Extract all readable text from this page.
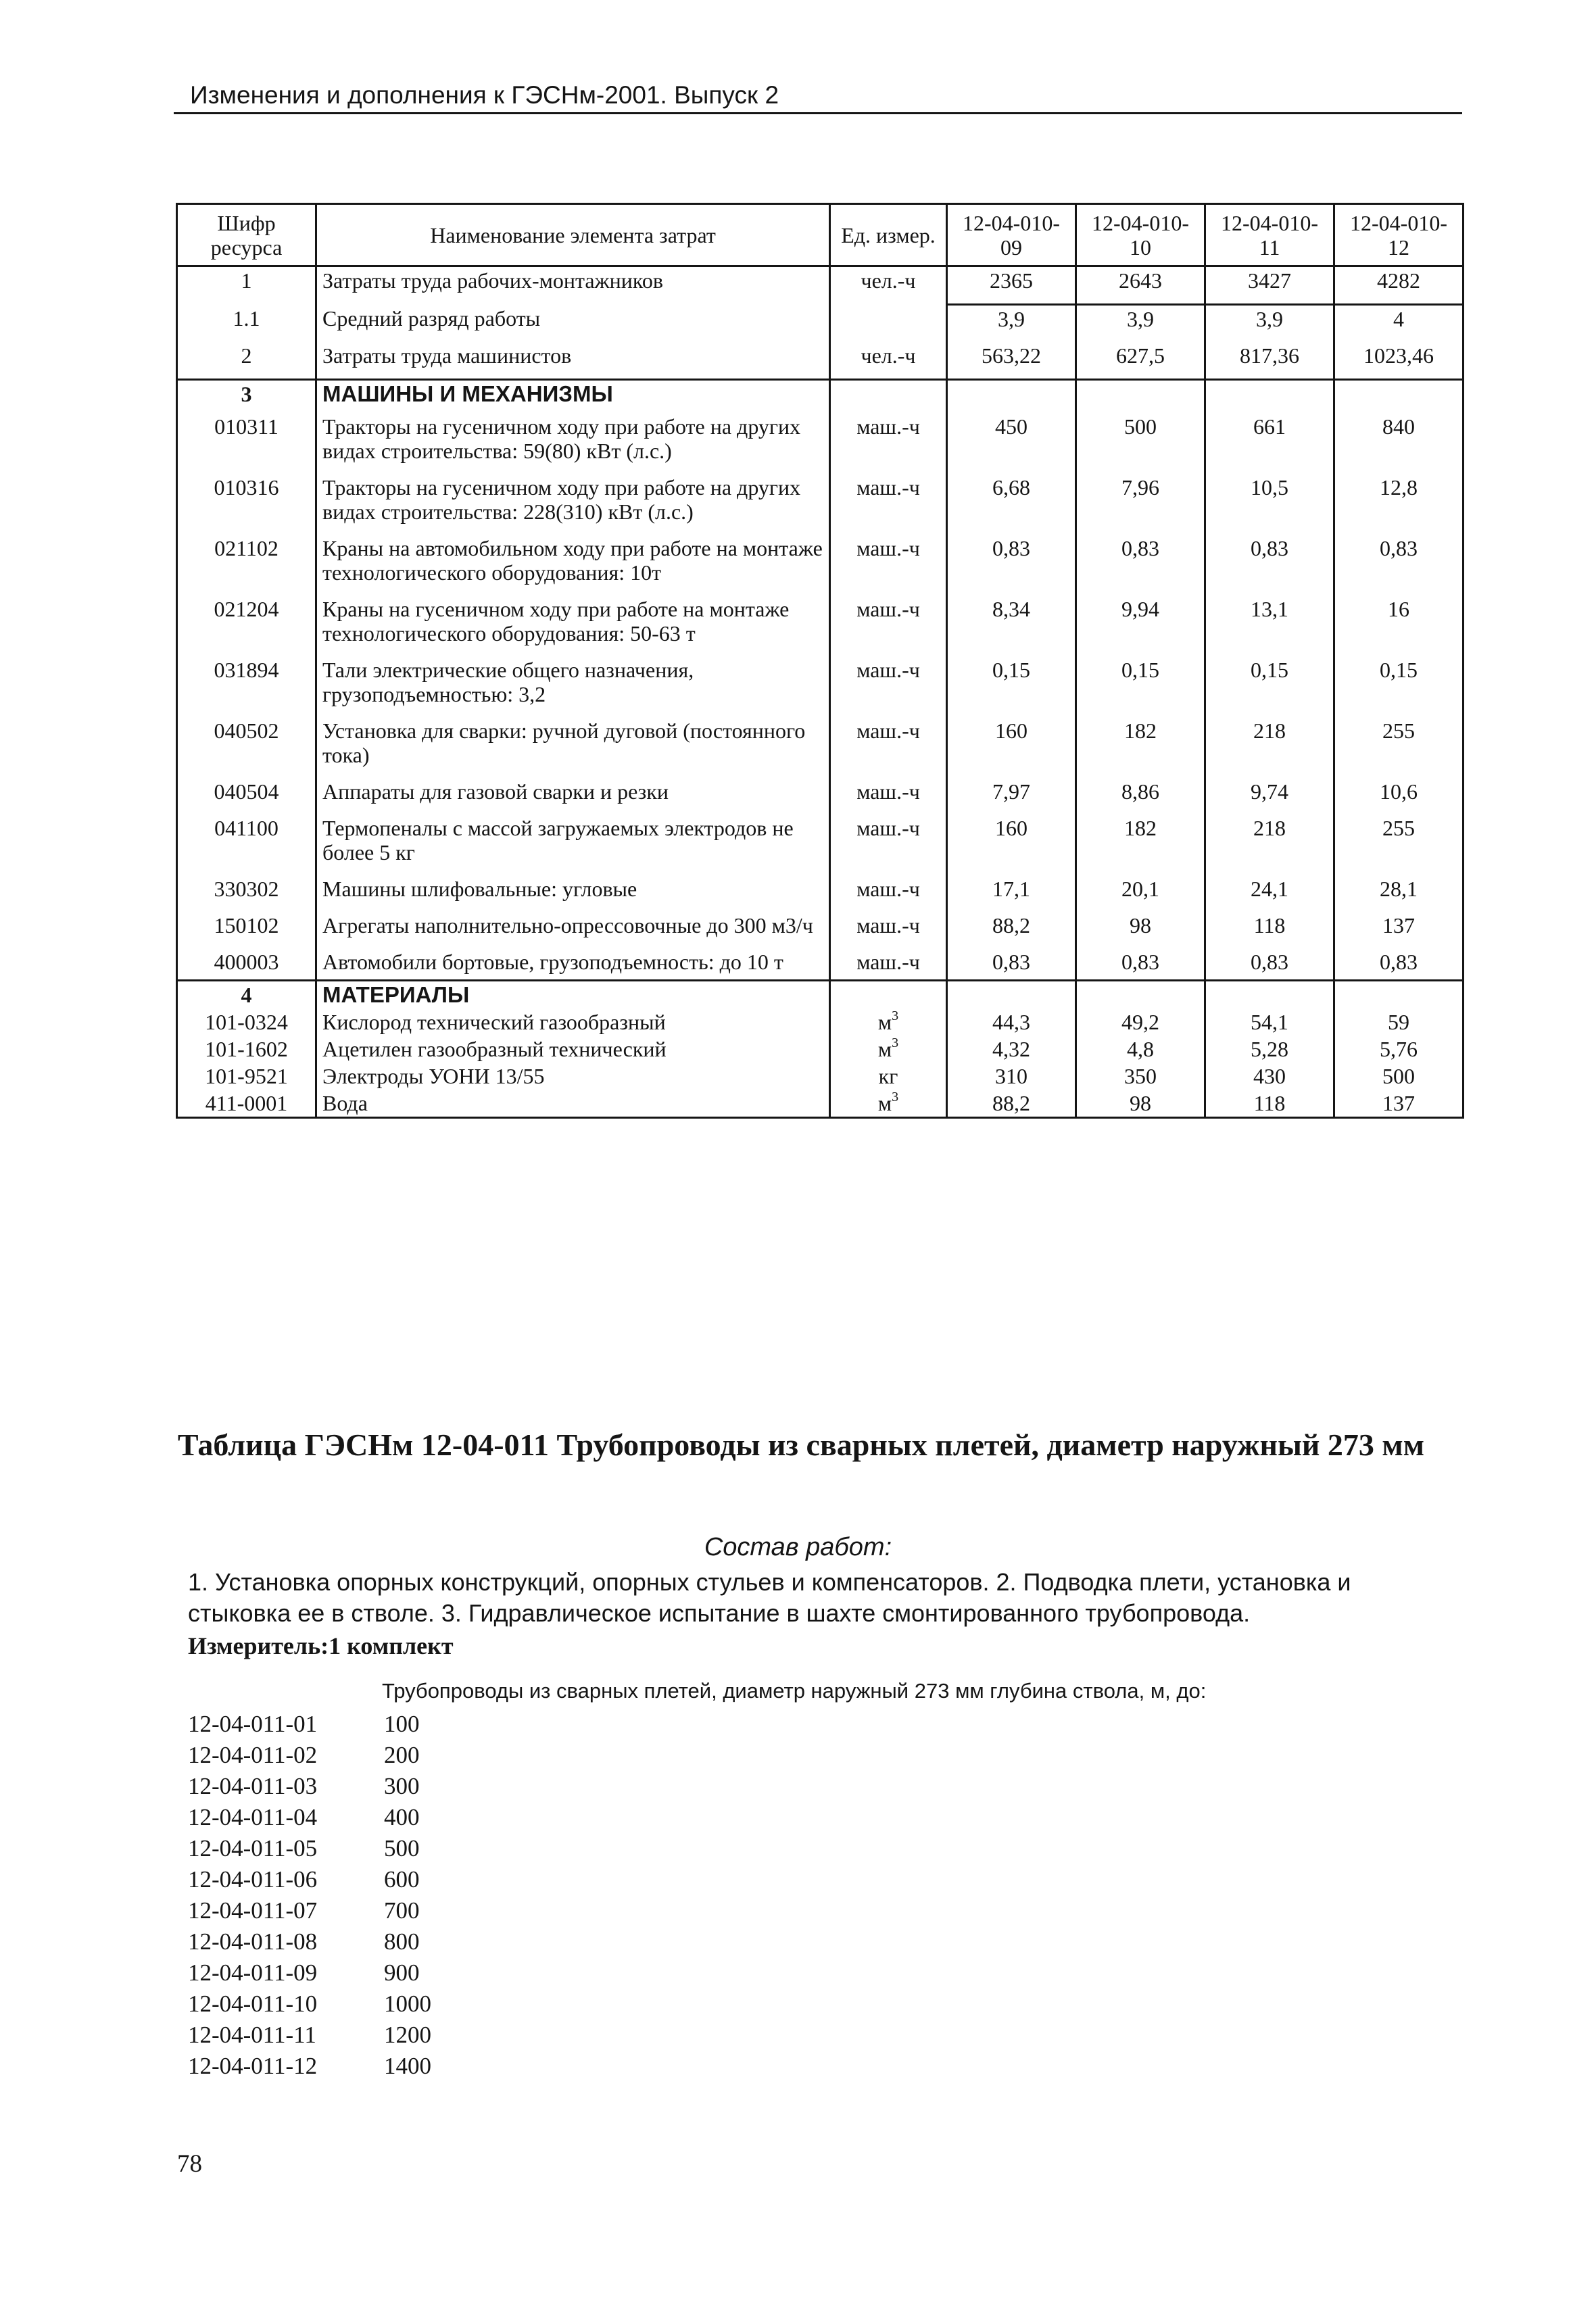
Изменения и дополнения к ГЭСНм-2001. Выпуск 2
Шифр ресурса	Наименование элемента затрат	Ед. измер.	12-04-010-09	12-04-010-10	12-04-010-11	12-04-010-12
1	Затраты труда рабочих-монтажников	чел.-ч	2365	2643	3427	4282
1.1	Средний разряд работы		3,9	3,9	3,9	4
2	Затраты труда машинистов	чел.-ч	563,22	627,5	817,36	1023,46
3	МАШИНЫ И МЕХАНИЗМЫ					
010311	Тракторы на гусеничном ходу при работе на других видах строительства: 59(80) кВт (л.с.)	маш.-ч	450	500	661	840
010316	Тракторы на гусеничном ходу при работе на других видах строительства: 228(310) кВт (л.с.)	маш.-ч	6,68	7,96	10,5	12,8
021102	Краны на автомобильном ходу при работе на монтаже технологического оборудования: 10т	маш.-ч	0,83	0,83	0,83	0,83
021204	Краны на гусеничном ходу при работе на монтаже технологического оборудования: 50-63 т	маш.-ч	8,34	9,94	13,1	16
031894	Тали электрические общего назначения, грузоподъемностью: 3,2	маш.-ч	0,15	0,15	0,15	0,15
040502	Установка для сварки: ручной дуговой (постоянного тока)	маш.-ч	160	182	218	255
040504	Аппараты для газовой сварки и резки	маш.-ч	7,97	8,86	9,74	10,6
041100	Термопеналы с массой загружаемых электродов не более 5 кг	маш.-ч	160	182	218	255
330302	Машины шлифовальные: угловые	маш.-ч	17,1	20,1	24,1	28,1
150102	Агрегаты наполнительно-опрессовочные до 300 м3/ч	маш.-ч	88,2	98	118	137
400003	Автомобили бортовые, грузоподъемность: до 10 т	маш.-ч	0,83	0,83	0,83	0,83
4	МАТЕРИАЛЫ					
101-0324	Кислород технический газообразный	$м^3$	44,3	49,2	54,1	59
101-1602	Ацетилен газообразный технический	$м^3$	4,32	4,8	5,28	5,76
101-9521	Электроды УОНИ 13/55	кг	310	350	430	500
411-0001	Вода	$м^3$	88,2	98	118	137
Таблица ГЭСНм 12-04-011 Трубопроводы из сварных плетей, диаметр наружный 273 мм
Состав работ:
1. Установка опорных конструкций, опорных стульев и компенсаторов. 2. Подводка плети, установка и стыковка ее в стволе. 3. Гидравлическое испытание в шахте смонтированного трубопровода.
Измеритель:1 комплект
Трубопроводы из сварных плетей, диаметр наружный 273 мм глубина ствола, м, до:
12-04-011-01	100
12-04-011-02	200
12-04-011-03	300
12-04-011-04	400
12-04-011-05	500
12-04-011-06	600
12-04-011-07	700
12-04-011-08	800
12-04-011-09	900
12-04-011-10	1000
12-04-011-11	1200
12-04-011-12	1400
78
